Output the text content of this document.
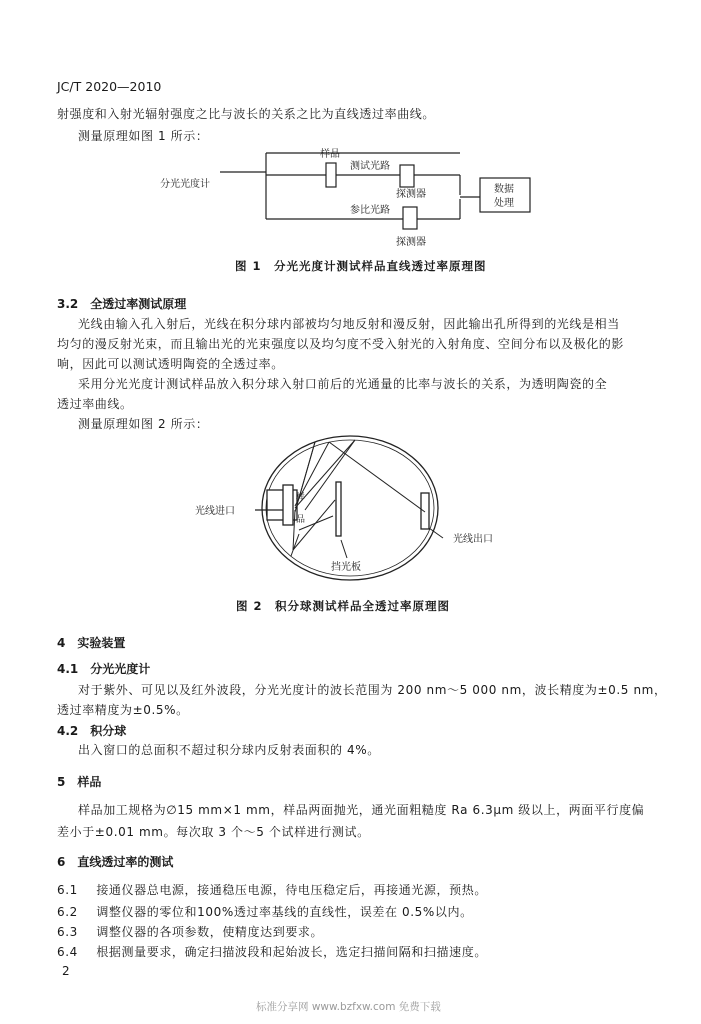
JC/T 2020—2010
射强度和入射光辐射强度之比与波长的关系之比为直线透过率曲线。
测量原理如图 1 所示：
样品
测试光路
探测器
分光光度计
参比光路
探测器
数据
处理
图 1　分光光度计测试样品直线透过率原理图
3.2　全透过率测试原理
光线由输入孔入射后，光线在积分球内部被均匀地反射和漫反射，因此输出孔所得到的光线是相当
均匀的漫反射光束，而且输出光的光束强度以及均匀度不受入射光的入射角度、空间分布以及极化的影
响，因此可以测试透明陶瓷的全透过率。
采用分光光度计测试样品放入积分球入射口前后的光通量的比率与波长的关系，为透明陶瓷的全
透过率曲线。
测量原理如图 2 所示：
光线进口
光线出口
挡光板
样
品
图 2　积分球测试样品全透过率原理图
4　实验装置
4.1　分光光度计
对于紫外、可见以及红外波段，分光光度计的波长范围为 200 nm～5 000 nm，波长精度为±0.5 nm，
透过率精度为±0.5%。
4.2　积分球
出入窗口的总面积不超过积分球内反射表面积的 4%。
5　样品
样品加工规格为∅15 mm×1 mm，样品两面抛光，通光面粗糙度 Ra 6.3μm 级以上，两面平行度偏
差小于±0.01 mm。每次取 3 个～5 个试样进行测试。
6　直线透过率的测试
6.1 接通仪器总电源，接通稳压电源，待电压稳定后，再接通光源，预热。
6.2 调整仪器的零位和100%透过率基线的直线性，误差在 0.5%以内。
6.3 调整仪器的各项参数，使精度达到要求。
6.4 根据测量要求，确定扫描波段和起始波长，选定扫描间隔和扫描速度。
2
标准分享网 www.bzfxw.com 免费下载
